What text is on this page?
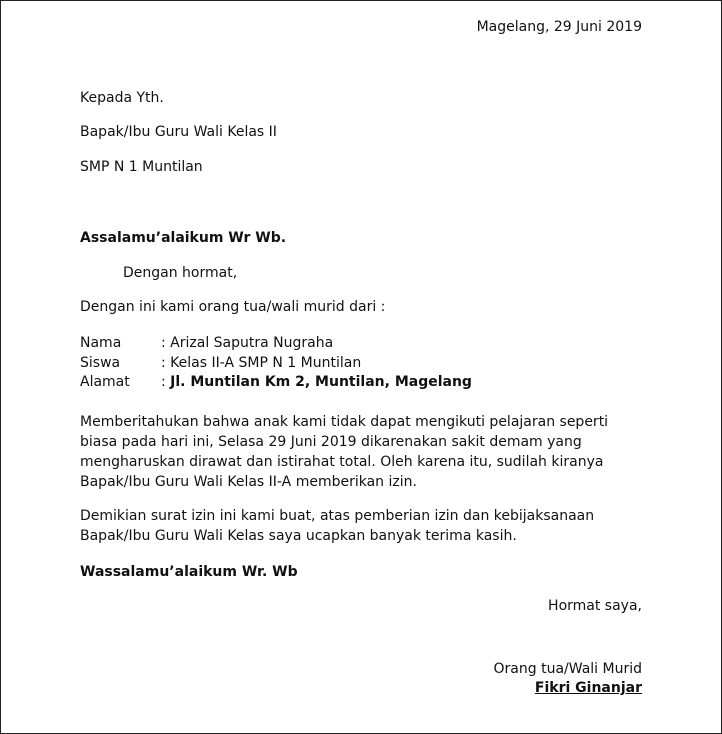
Magelang, 29 Juni 2019
Kepada Yth.
Bapak/Ibu Guru Wali Kelas II
SMP N 1 Muntilan
Assalamu’alaikum Wr Wb.
Dengan hormat,
Dengan ini kami orang tua/wali murid dari :
Nama	: Arizal Saputra Nugraha
Siswa	: Kelas II-A SMP N 1 Muntilan
Alamat : Jl. Muntilan Km 2, Muntilan, Magelang
Memberitahukan bahwa anak kami tidak dapat mengikuti pelajaran seperti
biasa pada hari ini, Selasa 29 Juni 2019 dikarenakan sakit demam yang
mengharuskan dirawat dan istirahat total. Oleh karena itu, sudilah kiranya
Bapak/Ibu Guru Wali Kelas II-A memberikan izin.
Demikian surat izin ini kami buat, atas pemberian izin dan kebijaksanaan
Bapak/Ibu Guru Wali Kelas saya ucapkan banyak terima kasih.
Wassalamu’alaikum Wr. Wb
Hormat saya,
Orang tua/Wali Murid
Fikri Ginanjar
